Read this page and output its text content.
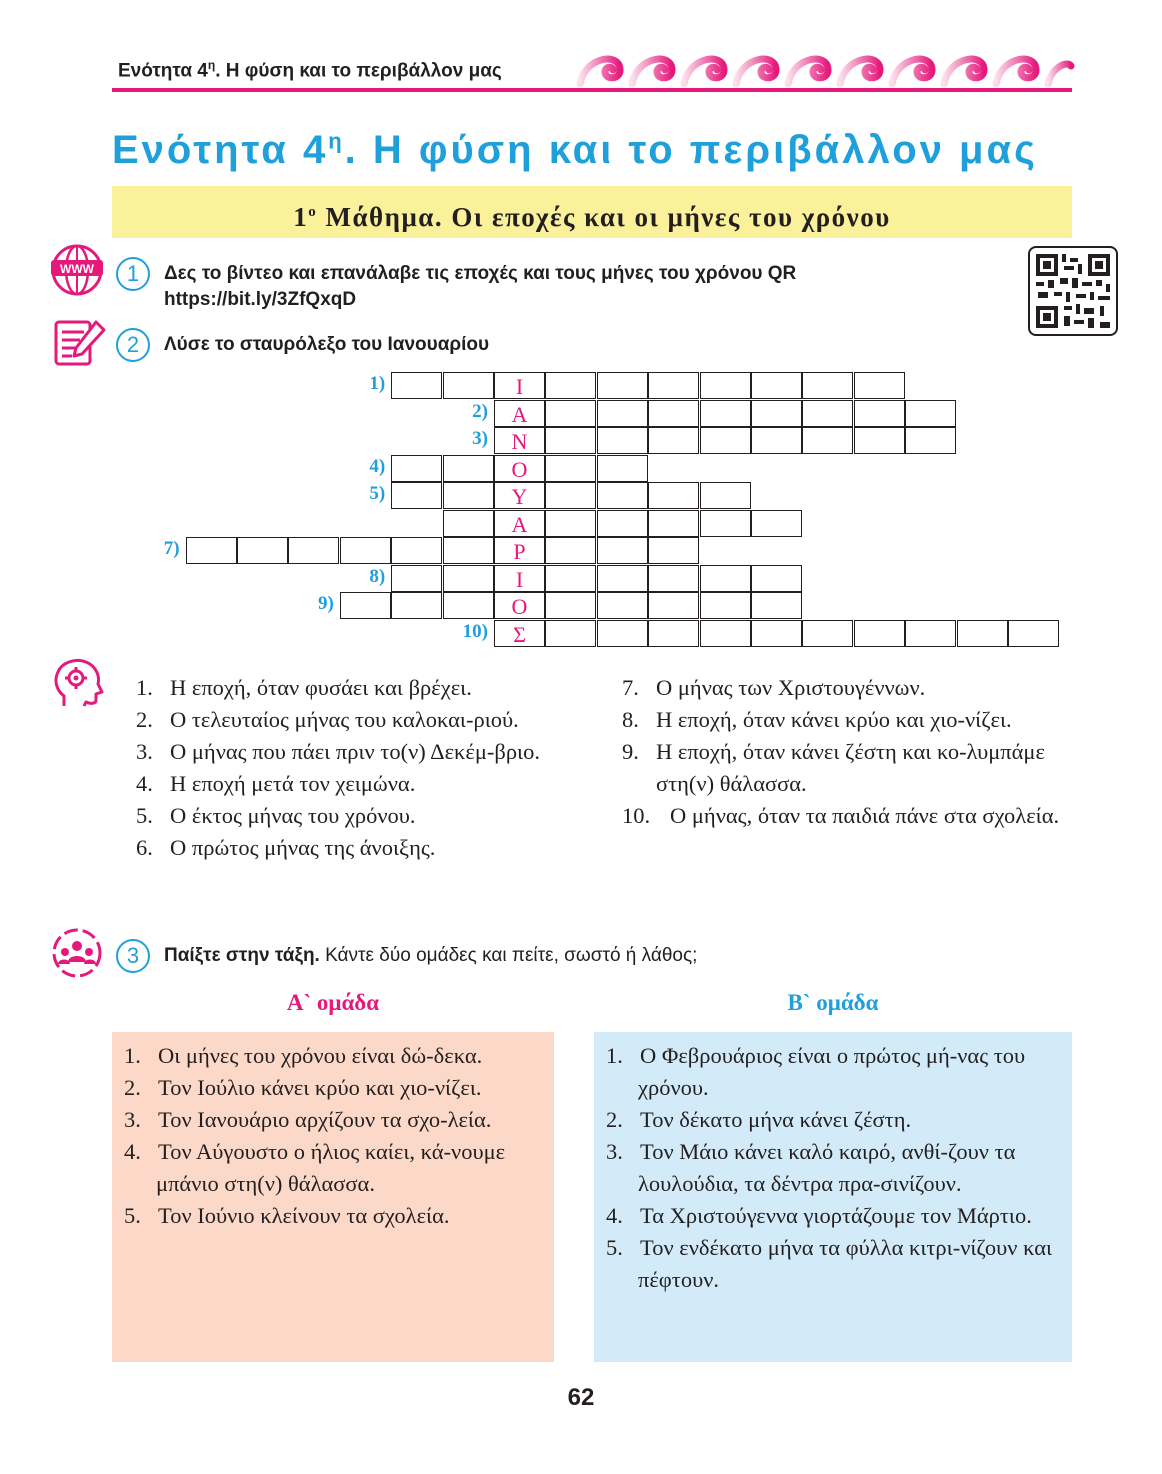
Ενότητα $4^\eta$. Η φύση και το περιβάλλον μας
Ενότητα $4^\eta$. Η φύση και το περιβάλλον μας
$1^o$ Μάθημα. Οι εποχές και οι μήνες του χρόνου
WWW	1	Δες το βίντεο και επανάλαβε τις εποχές και τους μήνες του χρόνου QR
https://bit.ly/3ZfQxqD
2	Λύσε το σταυρόλεξο του Ιανουαρίου
Ι
1)
Α
2)
Ν
3)
Ο
4)
Υ
5)
Α
Ρ
7)
Ι
8)
Ο
9)
Σ
10)
1. Η εποχή, όταν φυσάει και βρέχει.
2. Ο τελευταίος μήνας του καλοκαι-ριού.
3. Ο μήνας που πάει πριν το(ν) Δεκέμ-βριο.
4. Η εποχή μετά τον χειμώνα.
5. Ο έκτος μήνας του χρόνου.
6. Ο πρώτος μήνας της άνοιξης.
7. Ο μήνας των Χριστουγέννων.
8. Η εποχή, όταν κάνει κρύο και χιο-νίζει.
9. Η εποχή, όταν κάνει ζέστη και κο-λυμπάμε στη(ν) θάλασσα.
10. Ο μήνας, όταν τα παιδιά πάνε στα σχολεία.
3	Παίξτε στην τάξη. Κάντε δύο ομάδες και πείτε, σωστό ή λάθος;
Α` ομάδα	Β` ομάδα
1. Οι μήνες του χρόνου είναι δώ-δεκα.
2. Τον Ιούλιο κάνει κρύο και χιο-νίζει.
3. Τον Ιανουάριο αρχίζουν τα σχο-λεία.
4. Τον Αύγουστο ο ήλιος καίει, κά-νουμε μπάνιο στη(ν) θάλασσα.
5. Τον Ιούνιο κλείνουν τα σχολεία.
1. Ο Φεβρουάριος είναι ο πρώτος μή-νας του χρόνου.
2. Τον δέκατο μήνα κάνει ζέστη.
3. Τον Μάιο κάνει καλό καιρό, ανθί-ζουν τα λουλούδια, τα δέντρα πρα-σινίζουν.
4. Τα Χριστούγεννα γιορτάζουμε τον Μάρτιο.
5. Τον ενδέκατο μήνα τα φύλλα κιτρι-νίζουν και πέφτουν.
62
